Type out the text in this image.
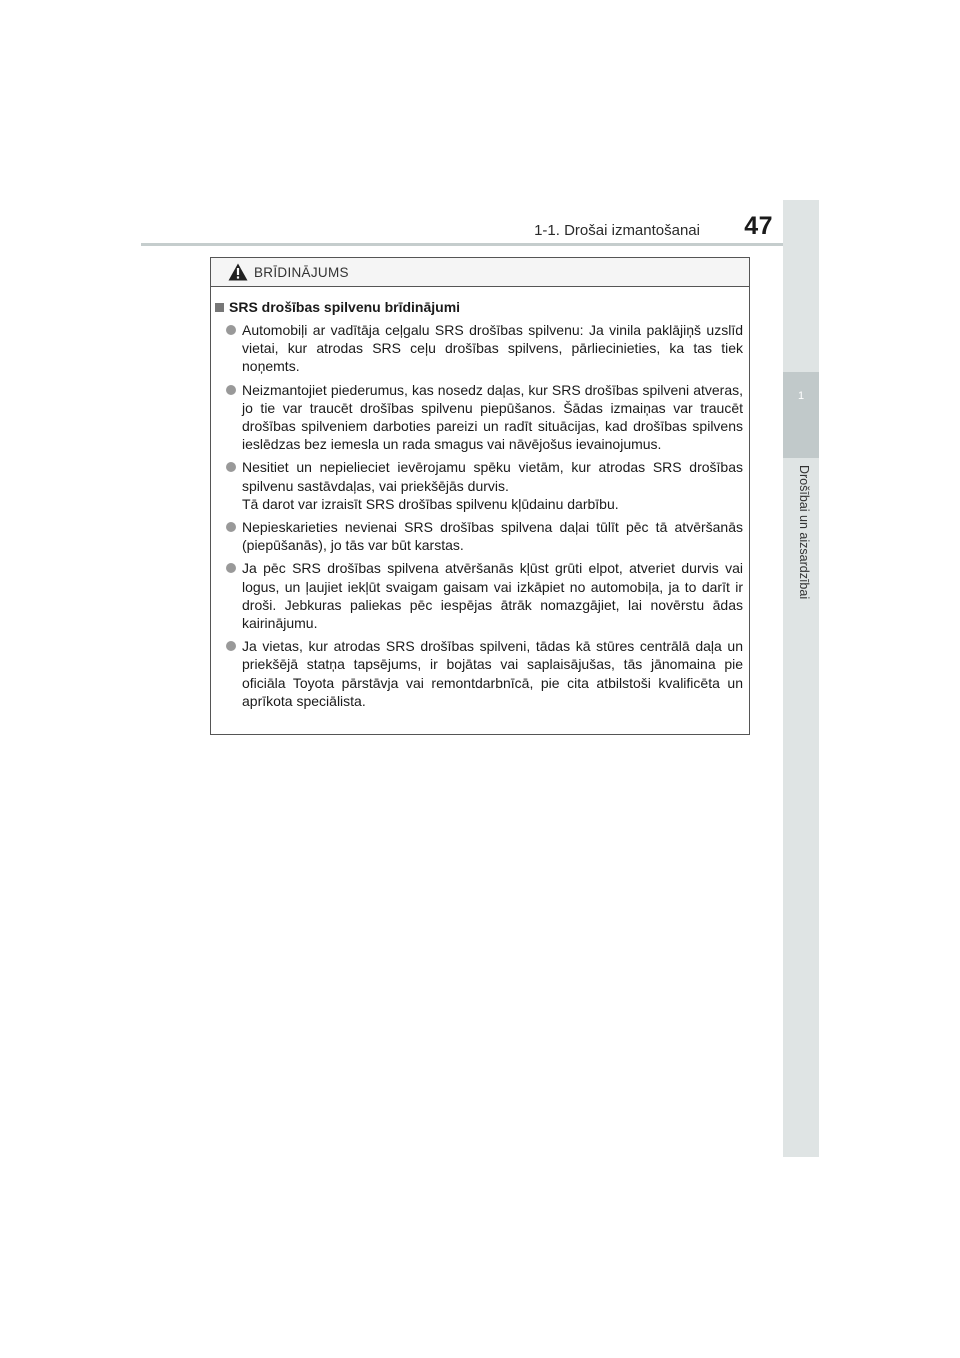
1-1. Drošai izmantošanai	47
1
Drošībai un aizsardzībai
BRĪDINĀJUMS
SRS drošības spilvenu brīdinājumi
Automobiļi ar vadītāja ceļgalu SRS drošības spilvenu: Ja vinila paklājiņš uzslīd vietai, kur atrodas SRS ceļu drošības spilvens, pārliecinieties, ka tas tiek noņemts.
Neizmantojiet piederumus, kas nosedz daļas, kur SRS drošības spilveni atveras, jo tie var traucēt drošības spilvenu piepūšanos. Šādas izmaiņas var traucēt drošības spilveniem darboties pareizi un radīt situācijas, kad drošības spilvens ieslēdzas bez iemesla un rada smagus vai nāvējošus ievainojumus.
Nesitiet un nepielieciet ievērojamu spēku vietām, kur atrodas SRS drošības spilvenu sastāvdaļas, vai priekšējās durvis.
Tā darot var izraisīt SRS drošības spilvenu kļūdainu darbību.
Nepieskarieties nevienai SRS drošības spilvena daļai tūlīt pēc tā atvēršanās (piepūšanās), jo tās var būt karstas.
Ja pēc SRS drošības spilvena atvēršanās kļūst grūti elpot, atveriet durvis vai logus, un ļaujiet iekļūt svaigam gaisam vai izkāpiet no automobiļa, ja to darīt ir droši. Jebkuras paliekas pēc iespējas ātrāk nomazgājiet, lai novērstu ādas kairinājumu.
Ja vietas, kur atrodas SRS drošības spilveni, tādas kā stūres centrālā daļa un priekšējā statņa tapsējums, ir bojātas vai saplaisājušas, tās jānomaina pie oficiāla Toyota pārstāvja vai remontdarbnīcā, pie cita atbilstoši kvalificēta un aprīkota speciālista.
